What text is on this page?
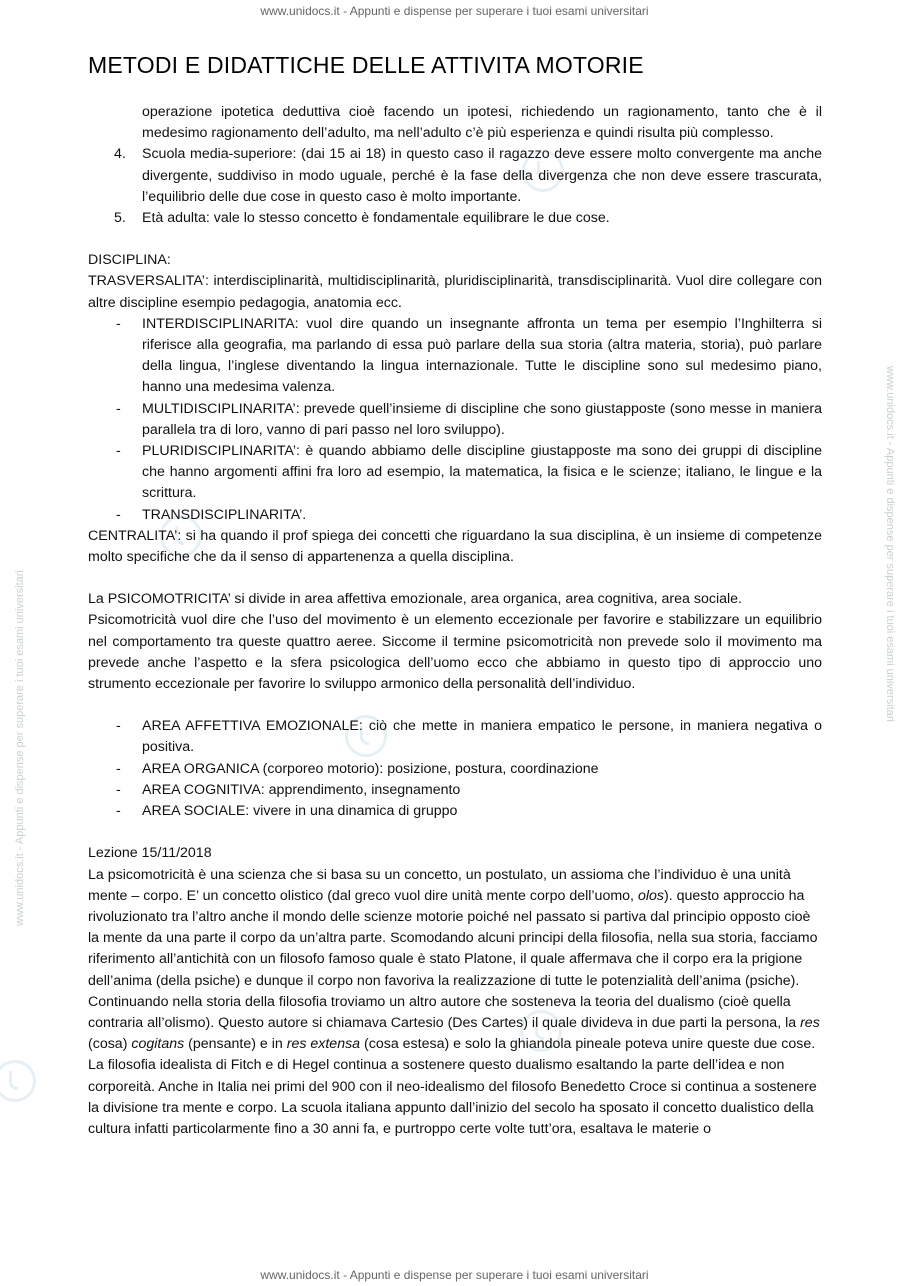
www.unidocs.it - Appunti e dispense per superare i tuoi esami universitari
www.unidocs.it - Appunti e dispense per superare i tuoi esami universitari
www.unidocs.it - Appunti e dispense per superare i tuoi esami universitari
www.unidocs.it - Appunti e dispense per superare i tuoi esami universitari
METODI E DIDATTICHE DELLE ATTIVITA MOTORIE

operazione ipotetica deduttiva cioè facendo un ipotesi, richiedendo un ragionamento, tanto che è il medesimo ragionamento dell’adulto, ma nell’adulto c’è più esperienza e quindi risulta più complesso.

4. Scuola media-superiore: (dai 15 ai 18) in questo caso il ragazzo deve essere molto convergente ma anche divergente, suddiviso in modo uguale, perché è la fase della divergenza che non deve essere trascurata, l’equilibrio delle due cose in questo caso è molto importante.
5. Età adulta: vale lo stesso concetto è fondamentale equilibrare le due cose.

DISCIPLINA:

TRASVERSALITA’: interdisciplinarità, multidisciplinarità, pluridisciplinarità, transdisciplinarità. Vuol dire collegare con altre discipline esempio pedagogia, anatomia ecc.

- INTERDISCIPLINARITA: vuol dire quando un insegnante affronta un tema per esempio l’Inghilterra si riferisce alla geografia, ma parlando di essa può parlare della sua storia (altra materia, storia), può parlare della lingua, l’inglese diventando la lingua internazionale. Tutte le discipline sono sul medesimo piano, hanno una medesima valenza.
- MULTIDISCIPLINARITA’: prevede quell’insieme di discipline che sono giustapposte (sono messe in maniera parallela tra di loro, vanno di pari passo nel loro sviluppo).
- PLURIDISCIPLINARITA’: è quando abbiamo delle discipline giustapposte ma sono dei gruppi di discipline che hanno argomenti affini fra loro ad esempio, la matematica, la fisica e le scienze; italiano, le lingue e la scrittura.
- TRANSDISCIPLINARITA’.

CENTRALITA’: si ha quando il prof spiega dei concetti che riguardano la sua disciplina, è un insieme di competenze molto specifiche che da il senso di appartenenza a quella disciplina.

La PSICOMOTRICITA’ si divide in area affettiva emozionale, area organica, area cognitiva, area sociale.

Psicomotricità vuol dire che l’uso del movimento è un elemento eccezionale per favorire e stabilizzare un equilibrio nel comportamento tra queste quattro aeree. Siccome il termine psicomotricità non prevede solo il movimento ma prevede anche l’aspetto e la sfera psicologica dell’uomo ecco che abbiamo in questo tipo di approccio uno strumento eccezionale per favorire lo sviluppo armonico della personalità dell’individuo.

- AREA AFFETTIVA EMOZIONALE: ciò che mette in maniera empatico le persone, in maniera negativa o positiva.
- AREA ORGANICA (corporeo motorio): posizione, postura, coordinazione
- AREA COGNITIVA: apprendimento, insegnamento
- AREA SOCIALE: vivere in una dinamica di gruppo

Lezione 15/11/2018

La psicomotricità è una scienza che si basa su un concetto, un postulato, un assioma che l’individuo è una unità mente – corpo. E’ un concetto olistico (dal greco vuol dire unità mente corpo dell’uomo, olos). questo approccio ha rivoluzionato tra l’altro anche il mondo delle scienze motorie poiché nel passato si partiva dal principio opposto cioè la mente da una parte il corpo da un’altra parte. Scomodando alcuni principi della filosofia, nella sua storia, facciamo riferimento all’antichità con un filosofo famoso quale è stato Platone, il quale affermava che il corpo era la prigione dell’anima (della psiche) e dunque il corpo non favoriva la realizzazione di tutte le potenzialità dell’anima (psiche). Continuando nella storia della filosofia troviamo un altro autore che sosteneva la teoria del dualismo (cioè quella contraria all’olismo). Questo autore si chiamava Cartesio (Des Cartes) il quale divideva in due parti la persona, la res (cosa) cogitans (pensante) e in res extensa (cosa estesa) e solo la ghiandola pineale poteva unire queste due cose. La filosofia idealista di Fitch e di Hegel continua a sostenere questo dualismo esaltando la parte dell’idea e non corporeità. Anche in Italia nei primi del 900 con il neo-idealismo del filosofo Benedetto Croce si continua a sostenere la divisione tra mente e corpo. La scuola italiana appunto dall’inizio del secolo ha sposato il concetto dualistico della cultura infatti particolarmente fino a 30 anni fa, e purtroppo certe volte tutt’ora, esaltava le materie o
